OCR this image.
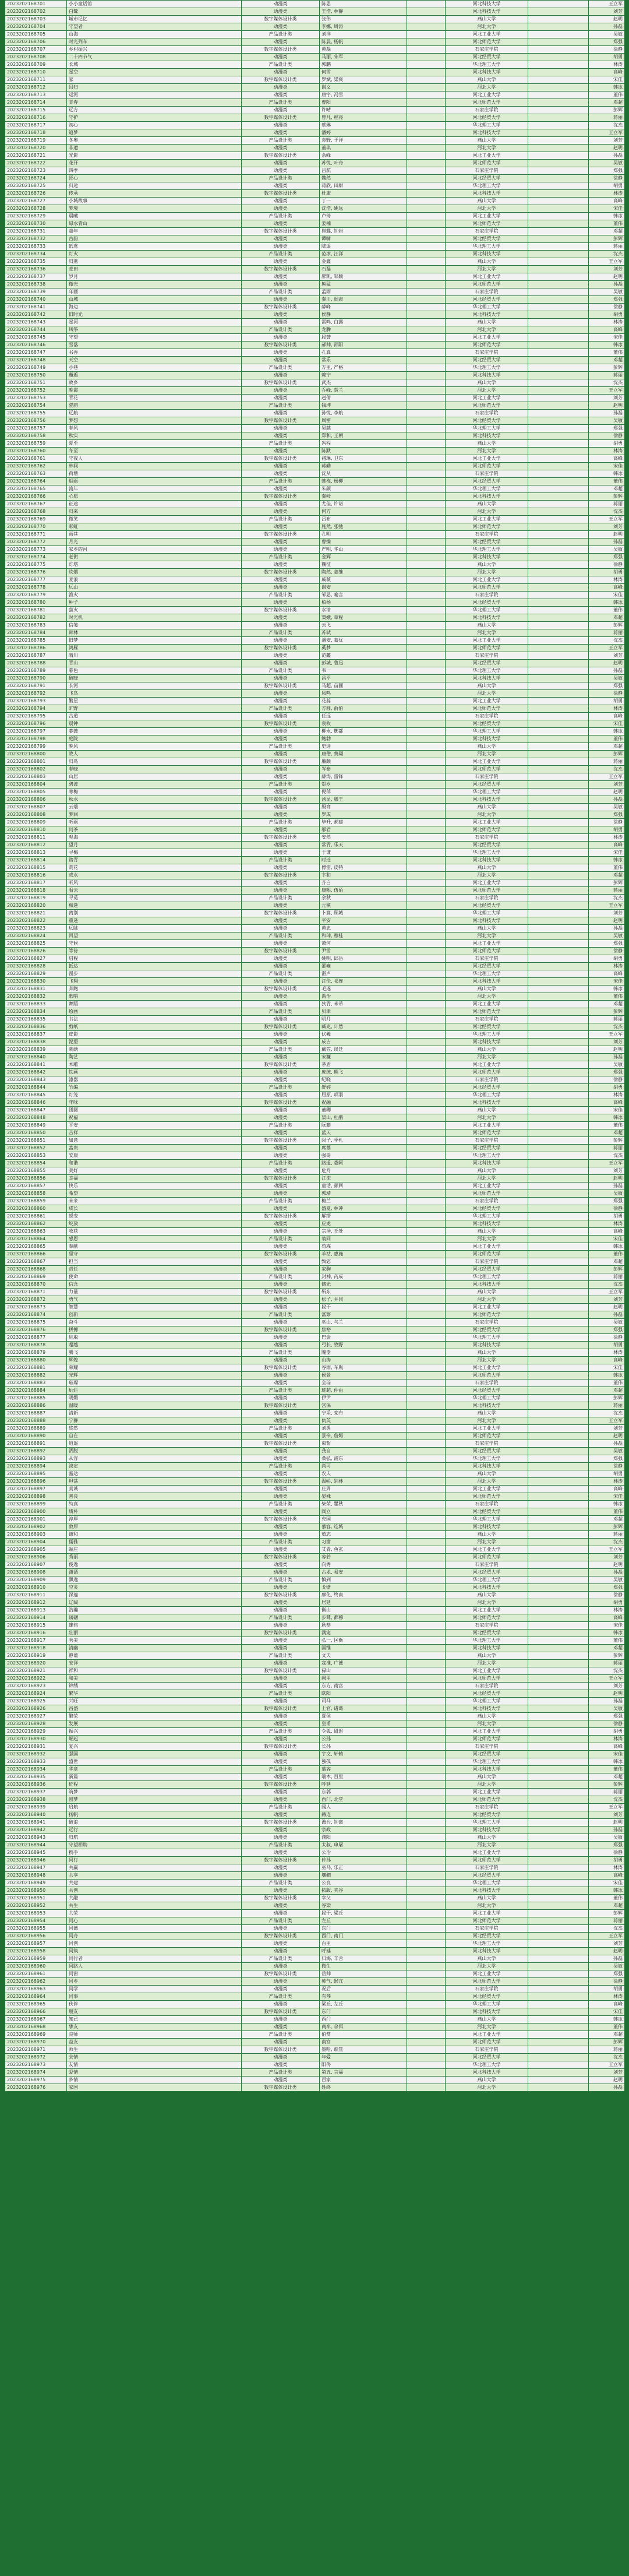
2023202168701	小小童话馆	动漫类	陈思		河北科技大学		王立军
2023202168702	白鹭	动漫类	王浩, 林静		河北科技大学		刘芳
2023202168703	城市记忆	数字媒体设计类	张伟		燕山大学		赵明
2023202168704	守望者	动漫类	李娜, 周涛		河北大学		孙磊
2023202168705	山海	产品设计类	刘洋		河北工业大学		吴敏
2023202168706	时光列车	动漫类	陈晨, 杨帆		河北师范大学		郑强
2023202168707	乡村振兴	数字媒体设计类	黄磊		石家庄学院		徐静
2023202168708	二十四节气	动漫类	马丽, 朱军		河北经贸大学		胡勇
2023202168709	长城	产品设计类	郭鹏		华北理工大学		林涛
2023202168710	星空	动漫类	何雪		河北科技大学		高峰
2023202168711	家	数字媒体设计类	罗斌, 梁爽		燕山大学		宋佳
2023202168712	回归	动漫类	谢文		河北大学		韩冰
2023202168713	运河	动漫类	唐宇, 冯雪		河北工业大学		董伟
2023202168714	青春	产品设计类	曹阳		河北师范大学		邓超
2023202168715	远方	动漫类	许晴		石家庄学院		彭辉
2023202168716	守护	数字媒体设计类	曾凡, 程亮		河北经贸大学		蒋丽
2023202168717	初心	动漫类	蔡琳		华北理工大学		沈杰
2023202168718	追梦	动漫类	潘婷		河北科技大学		王立军
2023202168719	冬奥	产品设计类	袁野, 于洋		燕山大学		刘芳
2023202168720	非遗	动漫类	董琪		河北大学		赵明
2023202168721	光影	数字媒体设计类	余峰		河北工业大学		孙磊
2023202168722	花开	动漫类	苏悦, 叶舟		河北师范大学		吴敏
2023202168723	四季	动漫类	吕航		石家庄学院		郑强
2023202168724	匠心	产品设计类	魏然		河北经贸大学		徐静
2023202168725	归途	动漫类	蒋欣, 田甜		华北理工大学		胡勇
2023202168726	传承	数字媒体设计类	杜康		河北科技大学		林涛
2023202168727	小城故事	动漫类	丁一		燕山大学		高峰
2023202168728	梦境	动漫类	沈浩, 姚远		河北大学		宋佳
2023202168729	晨曦	产品设计类	卢琦		河北工业大学		韩冰
2023202168730	绿水青山	动漫类	姜楠		河北师范大学		董伟
2023202168731	童年	数字媒体设计类	崔璐, 钟岩		石家庄学院		邓超
2023202168732	古韵	动漫类	谭啸		河北经贸大学		彭辉
2023202168733	纸鸢	动漫类	陆遥		华北理工大学		蒋丽
2023202168734	灯火	产品设计类	范冰, 汪洋		河北科技大学		沈杰
2023202168735	归燕	动漫类	金鑫		燕山大学		王立军
2023202168736	麦田	数字媒体设计类	石磊		河北大学		刘芳
2023202168737	岁月	动漫类	廖凯, 邹颖		河北工业大学		赵明
2023202168738	微光	动漫类	熊猛		河北师范大学		孙磊
2023202168739	年画	产品设计类	孟雨		石家庄学院		吴敏
2023202168740	山城	动漫类	秦川, 阎肃		河北经贸大学		郑强
2023202168741	海边	数字媒体设计类	薛峰		华北理工大学		徐静
2023202168742	旧时光	动漫类	侯静		河北科技大学		胡勇
2023202168743	星河	动漫类	雷鸣, 白露		燕山大学		林涛
2023202168744	风筝	产品设计类	龙腾		河北大学		高峰
2023202168745	守望	动漫类	段誉		河北工业大学		宋佳
2023202168746	雪落	数字媒体设计类	郝帅, 邵阳		河北师范大学		韩冰
2023202168747	书香	动漫类	孔真		石家庄学院		董伟
2023202168748	天空	动漫类	常乐		河北经贸大学		邓超
2023202168749	小巷	产品设计类	万里, 严格		华北理工大学		彭辉
2023202168750	邂逅	动漫类	赖宁		河北科技大学		蒋丽
2023202168751	故乡	数字媒体设计类	武杰		燕山大学		沈杰
2023202168752	晚霞	动漫类	乔峰, 贺兰		河北大学		王立军
2023202168753	青花	动漫类	赵倩		河北工业大学		刘芳
2023202168754	瓷韵	产品设计类	钱坤		河北师范大学		赵明
2023202168755	远航	动漫类	孙悦, 李航		石家庄学院		孙磊
2023202168756	梦想	数字媒体设计类	周密		河北经贸大学		吴敏
2023202168757	春风	动漫类	吴越		华北理工大学		郑强
2023202168758	秋实	动漫类	郑和, 王朝		河北科技大学		徐静
2023202168759	夏至	产品设计类	冯程		燕山大学		胡勇
2023202168760	冬至	动漫类	陈默		河北大学		林涛
2023202168761	守夜人	数字媒体设计类	褚琳, 卫东		河北工业大学		高峰
2023202168762	林间	动漫类	蒋勤		河北师范大学		宋佳
2023202168763	荷塘	动漫类	沈从		石家庄学院		韩冰
2023202168764	烟雨	产品设计类	韩梅, 杨柳		河北经贸大学		董伟
2023202168765	流年	动漫类	朱颜		华北理工大学		邓超
2023202168766	心愿	数字媒体设计类	秦岭		河北科技大学		彭辉
2023202168767	征途	动漫类	尤佳, 许诺		燕山大学		蒋丽
2023202168768	归来	动漫类	何方		河北大学		沈杰
2023202168769	微笑	产品设计类	吕布		河北工业大学		王立军
2023202168770	彩虹	动漫类	施然, 张弛		河北师范大学		刘芳
2023202168771	雨巷	数字媒体设计类	孔明		石家庄学院		赵明
2023202168772	月光	动漫类	曹操		河北经贸大学		孙磊
2023202168773	家乡的河	动漫类	严明, 华山		华北理工大学		吴敏
2023202168774	老街	产品设计类	金辉		河北科技大学		郑强
2023202168775	灯塔	动漫类	魏征		燕山大学		徐静
2023202168776	炊烟	数字媒体设计类	陶然, 姜维		河北大学		胡勇
2023202168777	麦浪	动漫类	戚薇		河北工业大学		林涛
2023202168778	远山	动漫类	谢安		河北师范大学		高峰
2023202168779	渔火	产品设计类	邹忌, 喻言		石家庄学院		宋佳
2023202168780	种子	动漫类	柏杨		河北经贸大学		韩冰
2023202168781	萤火	数字媒体设计类	水清		华北理工大学		董伟
2023202168782	时光机	动漫类	窦娥, 章程		河北科技大学		邓超
2023202168783	信笺	动漫类	云飞		燕山大学		彭辉
2023202168784	碑林	产品设计类	苏轼		河北大学		蒋丽
2023202168785	旧梦	动漫类	潘安, 葛优		河北工业大学		沈杰
2023202168786	鸿雁	数字媒体设计类	奚梦		河北师范大学		王立军
2023202168787	晴川	动漫类	范蠡		石家庄学院		刘芳
2023202168788	青山	动漫类	彭城, 鲁迅		河北经贸大学		赵明
2023202168789	暮色	产品设计类	韦一		华北理工大学		孙磊
2023202168790	破晓	动漫类	昌平		河北科技大学		吴敏
2023202168791	长河	数字媒体设计类	马超, 苗圃		燕山大学		郑强
2023202168792	飞鸟	动漫类	凤鸣		河北大学		徐静
2023202168793	繁星	动漫类	花蕊		河北工业大学		胡勇
2023202168794	旷野	产品设计类	方圆, 俞伯		河北师范大学		林涛
2023202168795	古道	动漫类	任远		石家庄学院		高峰
2023202168796	晨钟	数字媒体设计类	袁枚		河北经贸大学		宋佳
2023202168797	暮鼓	动漫类	柳永, 酆都		华北理工大学		韩冰
2023202168798	庭院	动漫类	鲍勃		河北科技大学		董伟
2023202168799	晚风	产品设计类	史进		燕山大学		邓超
2023202168800	故人	动漫类	唐僧, 费翔		河北大学		彭辉
2023202168801	归鸟	数字媒体设计类	廉颇		河北工业大学		蒋丽
2023202168802	春晓	动漫类	岑参		河北师范大学		沈杰
2023202168803	山居	动漫类	薛涛, 雷锋		石家庄学院		王立军
2023202168804	碧波	产品设计类	贺岁		河北经贸大学		刘芳
2023202168805	寒梅	动漫类	倪萍		华北理工大学		赵明
2023202168806	秋水	数字媒体设计类	汤显, 滕王		河北科技大学		孙磊
2023202168807	云端	动漫类	殷商		燕山大学		吴敏
2023202168808	梦回	动漫类	罗成		河北大学		郑强
2023202168809	听雨	产品设计类	毕升, 郝建		河北工业大学		徐静
2023202168810	问茶	动漫类	邬君		河北师范大学		胡勇
2023202168811	观海	数字媒体设计类	安然		石家庄学院		林涛
2023202168812	望月	动漫类	常青, 乐天		河北经贸大学		高峰
2023202168813	寻梅	动漫类	于谦		华北理工大学		宋佳
2023202168814	踏青	产品设计类	时迁		河北科技大学		韩冰
2023202168815	赏花	动漫类	傅雷, 皮特		燕山大学		董伟
2023202168816	戏水	数字媒体设计类	卞和		河北大学		邓超
2023202168817	听风	动漫类	齐白		河北工业大学		彭辉
2023202168818	看云	动漫类	康熙, 伍佰		河北师范大学		蒋丽
2023202168819	寻觅	产品设计类	余秋		石家庄学院		沈杰
2023202168820	相逢	动漫类	元稹		河北经贸大学		王立军
2023202168821	离别	数字媒体设计类	卜算, 顾城		华北理工大学		刘芳
2023202168822	重逢	动漫类	平安		河北科技大学		赵明
2023202168823	远眺	动漫类	黄忠		燕山大学		孙磊
2023202168824	回望	产品设计类	和珅, 穆桂		河北大学		吴敏
2023202168825	守候	动漫类	萧何		河北工业大学		郑强
2023202168826	等待	数字媒体设计类	尹雪		河北师范大学		徐静
2023202168827	启程	动漫类	姚明, 邱岳		石家庄学院		胡勇
2023202168828	抵达	动漫类	邵雍		河北经贸大学		林涛
2023202168829	漫步	产品设计类	湛卢		华北理工大学		高峰
2023202168830	飞翔	动漫类	汪伦, 祁连		河北科技大学		宋佳
2023202168831	奔跑	数字媒体设计类	毛遂		燕山大学		韩冰
2023202168832	歌唱	动漫类	禹治		河北大学		董伟
2023202168833	舞蹈	动漫类	狄青, 米芾		河北工业大学		邓超
2023202168834	绘画	产品设计类	贝聿		河北师范大学		彭辉
2023202168835	书法	动漫类	明月		石家庄学院		蒋丽
2023202168836	剪纸	数字媒体设计类	臧克, 计然		河北经贸大学		沈杰
2023202168837	皮影	动漫类	伏羲		华北理工大学		王立军
2023202168838	泥塑	动漫类	成吉		河北科技大学		刘芳
2023202168839	刺绣	产品设计类	戴笠, 谈迁		燕山大学		赵明
2023202168840	陶艺	动漫类	宋濂		河北大学		孙磊
2023202168841	木雕	数字媒体设计类	茅盾		河北工业大学		吴敏
2023202168842	铁画	动漫类	庞统, 熊飞		河北师范大学		郑强
2023202168843	漆器	动漫类	纪晓		石家庄学院		徐静
2023202168844	竹编	产品设计类	舒婷		河北经贸大学		胡勇
2023202168845	灯笼	动漫类	屈原, 项羽		华北理工大学		林涛
2023202168846	年味	数字媒体设计类	祝融		河北科技大学		高峰
2023202168847	团圆	动漫类	董卿		燕山大学		宋佳
2023202168848	祝福	动漫类	梁山, 杜鹃		河北大学		韩冰
2023202168849	平安	产品设计类	阮籍		河北工业大学		董伟
2023202168850	吉祥	动漫类	蓝天		河北师范大学		邓超
2023202168851	如意	数字媒体设计类	闵子, 季札		石家庄学院		彭辉
2023202168852	富贵	动漫类	席慕		河北经贸大学		蒋丽
2023202168853	安康	动漫类	强哥		华北理工大学		沈杰
2023202168854	和谐	产品设计类	路遥, 娄阿		河北科技大学		王立军
2023202168855	美好	动漫类	危舟		燕山大学		刘芳
2023202168856	幸福	数字媒体设计类	江流		河北大学		赵明
2023202168857	快乐	动漫类	童话, 颜回		河北工业大学		孙磊
2023202168858	希望	动漫类	郭靖		河北师范大学		吴敏
2023202168859	未来	产品设计类	梅兰		石家庄学院		郑强
2023202168860	成长	动漫类	盛夏, 林冲		河北经贸大学		徐静
2023202168861	蜕变	数字媒体设计类	解缙		华北理工大学		胡勇
2023202168862	绽放	动漫类	应龙		河北科技大学		林涛
2023202168863	收获	动漫类	宗泽, 丘处		燕山大学		高峰
2023202168864	感恩	产品设计类	翁同		河北大学		宋佳
2023202168865	奉献	动漫类	荀彧		河北工业大学		韩冰
2023202168866	坚守	数字媒体设计类	羊祜, 惠施		河北师范大学		董伟
2023202168867	担当	动漫类	甄宓		石家庄学院		邓超
2023202168868	责任	动漫类	家驹		河北经贸大学		彭辉
2023202168869	使命	产品设计类	封神, 芮成		华北理工大学		蒋丽
2023202168870	信念	动漫类	储光		河北科技大学		沈杰
2023202168871	力量	数字媒体设计类	靳东		燕山大学		王立军
2023202168872	勇气	动漫类	松子, 井冈		河北大学		刘芳
2023202168873	智慧	动漫类	段干		河北工业大学		赵明
2023202168874	创新	产品设计类	富察		河北师范大学		孙磊
2023202168875	奋斗	动漫类	巫山, 乌兰		石家庄学院		吴敏
2023202168876	拼搏	数字媒体设计类	焦裕		河北经贸大学		郑强
2023202168877	进取	动漫类	巴金		华北理工大学		徐静
2023202168878	超越	动漫类	弓长, 牧野		河北科技大学		胡勇
2023202168879	腾飞	产品设计类	隗嚣		燕山大学		林涛
2023202168880	辉煌	动漫类	山涛		河北大学		高峰
2023202168881	荣耀	数字媒体设计类	谷雨, 车胤		河北工业大学		宋佳
2023202168882	光辉	动漫类	侯景		河北师范大学		韩冰
2023202168883	璀璨	动漫类	全琮		石家庄学院		董伟
2023202168884	灿烂	产品设计类	班超, 仲由		河北经贸大学		邓超
2023202168885	明媚	动漫类	伊尹		华北理工大学		彭辉
2023202168886	温暖	数字媒体设计类	宫保		河北科技大学		蒋丽
2023202168887	清新	动漫类	宁采, 栾布		燕山大学		沈杰
2023202168888	宁静	动漫类	仇英		河北大学		王立军
2023202168889	悠然	产品设计类	刘禹		河北工业大学		刘芳
2023202168890	自在	动漫类	景帝, 詹姆		河北师范大学		赵明
2023202168891	逍遥	数字媒体设计类	束皙		石家庄学院		孙磊
2023202168892	洒脱	动漫类	龚自		河北经贸大学		吴敏
2023202168893	从容	动漫类	桑弘, 浦东		华北理工大学		郑强
2023202168894	淡定	产品设计类	尚可		河北科技大学		徐静
2023202168895	豁达	动漫类	农夫		燕山大学		胡勇
2023202168896	坦荡	数字媒体设计类	温峤, 别林		河北大学		林涛
2023202168897	真诚	动漫类	庄周		河北工业大学		高峰
2023202168898	善良	动漫类	晏殊		河北师范大学		宋佳
2023202168899	纯真	产品设计类	柴荣, 瞿秋		石家庄学院		韩冰
2023202168900	质朴	动漫类	阎立		河北经贸大学		董伟
2023202168901	淳厚	数字媒体设计类	充国		华北理工大学		邓超
2023202168902	敦厚	动漫类	慕容, 连城		河北科技大学		彭辉
2023202168903	谦和	动漫类	茹志		燕山大学		蒋丽
2023202168904	儒雅	产品设计类	习凿		河北大学		沈杰
2023202168905	端庄	动漫类	艾青, 鱼玄		河北工业大学		王立军
2023202168906	秀丽	数字媒体设计类	容若		河北师范大学		刘芳
2023202168907	俊逸	动漫类	向秀		石家庄学院		赵明
2023202168908	潇洒	动漫类	古龙, 易安		河北经贸大学		孙磊
2023202168909	飘逸	产品设计类	慎到		华北理工大学		吴敏
2023202168910	空灵	动漫类	戈壁		河北科技大学		郑强
2023202168911	深邃	数字媒体设计类	廖化, 终南		燕山大学		徐静
2023202168912	辽阔	动漫类	居延		河北大学		胡勇
2023202168913	浩瀚	动漫类	衡山		河北工业大学		林涛
2023202168914	磅礴	产品设计类	步骘, 都穆		河北师范大学		高峰
2023202168915	雄伟	动漫类	耿恭		石家庄学院		宋佳
2023202168916	壮丽	数字媒体设计类	满宠		河北经贸大学		韩冰
2023202168917	秀美	动漫类	弘一, 匡衡		华北理工大学		董伟
2023202168918	清幽	动漫类	国维		河北科技大学		邓超
2023202168919	静谧	产品设计类	文天		燕山大学		彭辉
2023202168920	安详	动漫类	寇准, 广德		河北大学		蒋丽
2023202168921	祥和	数字媒体设计类	禄山		河北工业大学		沈杰
2023202168922	和美	动漫类	阙里		河北师范大学		王立军
2023202168923	锦绣	动漫类	东方, 南宫		石家庄学院		刘芳
2023202168924	繁华	产品设计类	欧阳		河北经贸大学		赵明
2023202168925	兴旺	动漫类	司马		华北理工大学		孙磊
2023202168926	昌盛	数字媒体设计类	上官, 诸葛		河北科技大学		吴敏
2023202168927	繁荣	动漫类	夏侯		燕山大学		郑强
2023202168928	发展	动漫类	皇甫		河北大学		徐静
2023202168929	振兴	产品设计类	令狐, 尉迟		河北工业大学		胡勇
2023202168930	崛起	动漫类	公孙		河北师范大学		林涛
2023202168931	复兴	数字媒体设计类	长孙		石家庄学院		高峰
2023202168932	强国	动漫类	宇文, 轩辕		河北经贸大学		宋佳
2023202168933	盛世	动漫类	独孤		华北理工大学		韩冰
2023202168934	华章	产品设计类	慕容		河北科技大学		董伟
2023202168935	新篇	动漫类	端木, 百里		燕山大学		邓超
2023202168936	征程	数字媒体设计类	呼延		河北大学		彭辉
2023202168937	筑梦	动漫类	东郭		河北工业大学		蒋丽
2023202168938	圆梦	动漫类	西门, 北堂		河北师范大学		沈杰
2023202168939	启航	产品设计类	闻人		石家庄学院		王立军
2023202168940	扬帆	动漫类	赫连		河北经贸大学		刘芳
2023202168941	破浪	数字媒体设计类	澹台, 钟离		华北理工大学		赵明
2023202168942	远行	动漫类	宗政		河北科技大学		孙磊
2023202168943	归航	动漫类	濮阳		燕山大学		吴敏
2023202168944	守望相助	产品设计类	太叔, 申屠		河北大学		郑强
2023202168945	携手	动漫类	公冶		河北工业大学		徐静
2023202168946	同行	数字媒体设计类	仲孙		河北师范大学		胡勇
2023202168947	共赢	动漫类	巫马, 乐正		石家庄学院		林涛
2023202168948	共享	动漫类	壤驷		河北经贸大学		高峰
2023202168949	共建	产品设计类	公良		华北理工大学		宋佳
2023202168950	共创	动漫类	拓跋, 夹谷		河北科技大学		韩冰
2023202168951	共融	数字媒体设计类	宰父		燕山大学		董伟
2023202168952	共生	动漫类	谷梁		河北大学		邓超
2023202168953	共荣	动漫类	段干, 梁丘		河北工业大学		彭辉
2023202168954	同心	产品设计类	左丘		河北师范大学		蒋丽
2023202168955	同德	动漫类	东门		石家庄学院		沈杰
2023202168956	同舟	数字媒体设计类	西门, 南门		河北经贸大学		王立军
2023202168957	同创	动漫类	百里		华北理工大学		刘芳
2023202168958	同筑	动漫类	呼延		河北科技大学		赵明
2023202168959	同行者	产品设计类	归海, 羊舌		燕山大学		孙磊
2023202168960	同路人	动漫类	微生		河北大学		吴敏
2023202168961	同窗	数字媒体设计类	岳帅		河北工业大学		郑强
2023202168962	同乡	动漫类	帅气, 缑亢		河北师范大学		徐静
2023202168963	同学	动漫类	况后		石家庄学院		胡勇
2023202168964	同事	产品设计类	有琴		河北经贸大学		林涛
2023202168965	伙伴	动漫类	梁丘, 左丘		华北理工大学		高峰
2023202168966	朋友	数字媒体设计类	东门		河北科技大学		宋佳
2023202168967	知己	动漫类	西门		燕山大学		韩冰
2023202168968	挚友	动漫类	商牟, 佘佴		河北大学		董伟
2023202168969	良师	产品设计类	伯赏		河北工业大学		邓超
2023202168970	益友	动漫类	南宫		河北师范大学		彭辉
2023202168971	师生	数字媒体设计类	墨哈, 谯笪		石家庄学院		蒋丽
2023202168972	亲情	动漫类	年爱		河北经贸大学		沈杰
2023202168973	友情	动漫类	阳佟		华北理工大学		王立军
2023202168974	爱情	产品设计类	第五, 言福		河北科技大学		刘芳
2023202168975	乡情	动漫类	百家		燕山大学		赵明
2023202168976	家国	数字媒体设计类	姓终		河北大学		孙磊
